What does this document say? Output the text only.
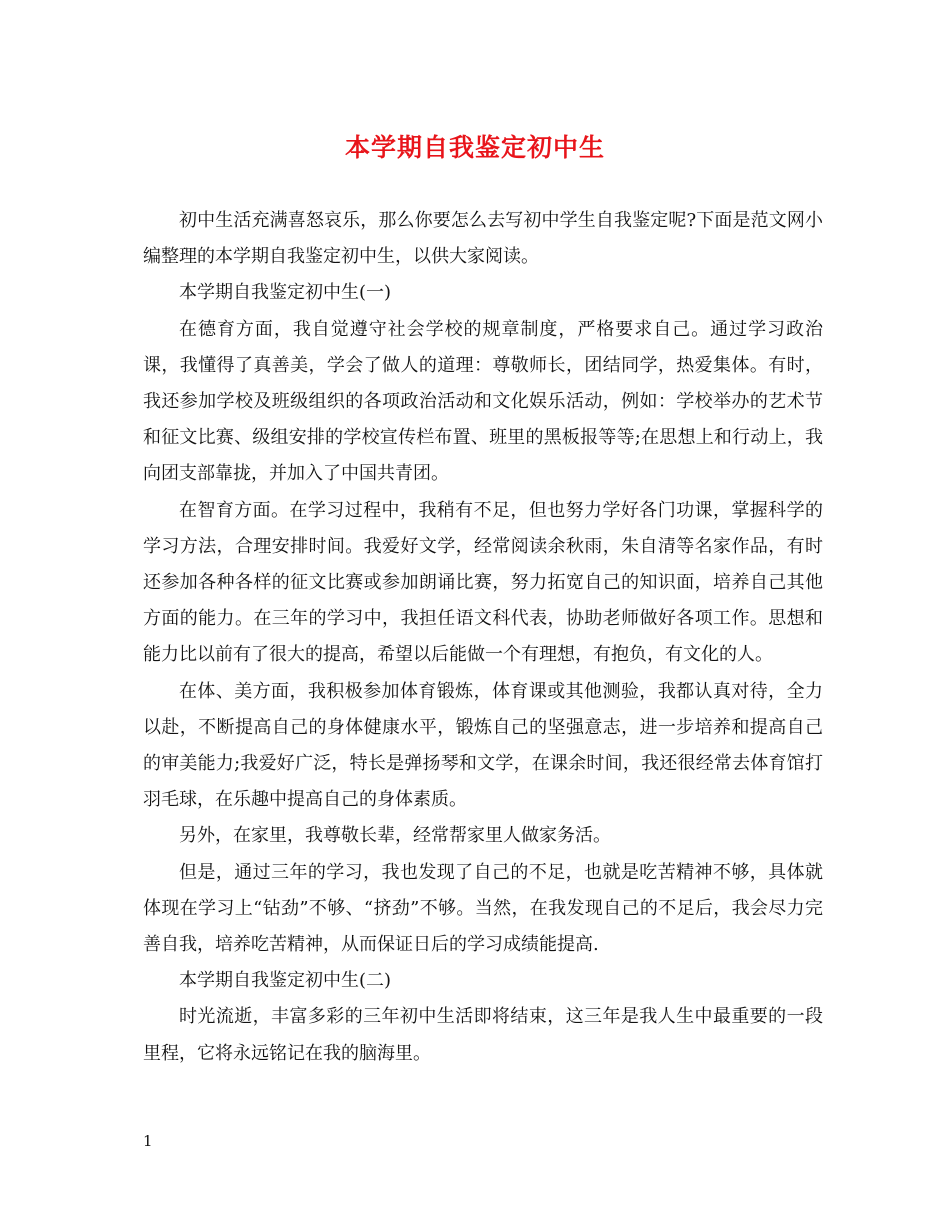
本学期自我鉴定初中生

初中生活充满喜怒哀乐，那么你要怎么去写初中学生自我鉴定呢?下面是范文网小编整理的本学期自我鉴定初中生，以供大家阅读。

本学期自我鉴定初中生(一)

在德育方面，我自觉遵守社会学校的规章制度，严格要求自己。通过学习政治课，我懂得了真善美，学会了做人的道理：尊敬师长，团结同学，热爱集体。有时，我还参加学校及班级组织的各项政治活动和文化娱乐活动，例如：学校举办的艺术节和征文比赛、级组安排的学校宣传栏布置、班里的黑板报等等;在思想上和行动上，我向团支部靠拢，并加入了中国共青团。

在智育方面。在学习过程中，我稍有不足，但也努力学好各门功课，掌握科学的学习方法，合理安排时间。我爱好文学，经常阅读余秋雨，朱自清等名家作品，有时还参加各种各样的征文比赛或参加朗诵比赛，努力拓宽自己的知识面，培养自己其他方面的能力。在三年的学习中，我担任语文科代表，协助老师做好各项工作。思想和能力比以前有了很大的提高，希望以后能做一个有理想，有抱负，有文化的人。

在体、美方面，我积极参加体育锻炼，体育课或其他测验，我都认真对待，全力以赴，不断提高自己的身体健康水平，锻炼自己的坚强意志，进一步培养和提高自己的审美能力;我爱好广泛，特长是弹扬琴和文学，在课余时间，我还很经常去体育馆打羽毛球，在乐趣中提高自己的身体素质。

另外，在家里，我尊敬长辈，经常帮家里人做家务活。

但是，通过三年的学习，我也发现了自己的不足，也就是吃苦精神不够，具体就体现在学习上“钻劲”不够、“挤劲”不够。当然，在我发现自己的不足后，我会尽力完善自我，培养吃苦精神，从而保证日后的学习成绩能提高.

本学期自我鉴定初中生(二)

时光流逝，丰富多彩的三年初中生活即将结束，这三年是我人生中最重要的一段里程，它将永远铭记在我的脑海里。

1
